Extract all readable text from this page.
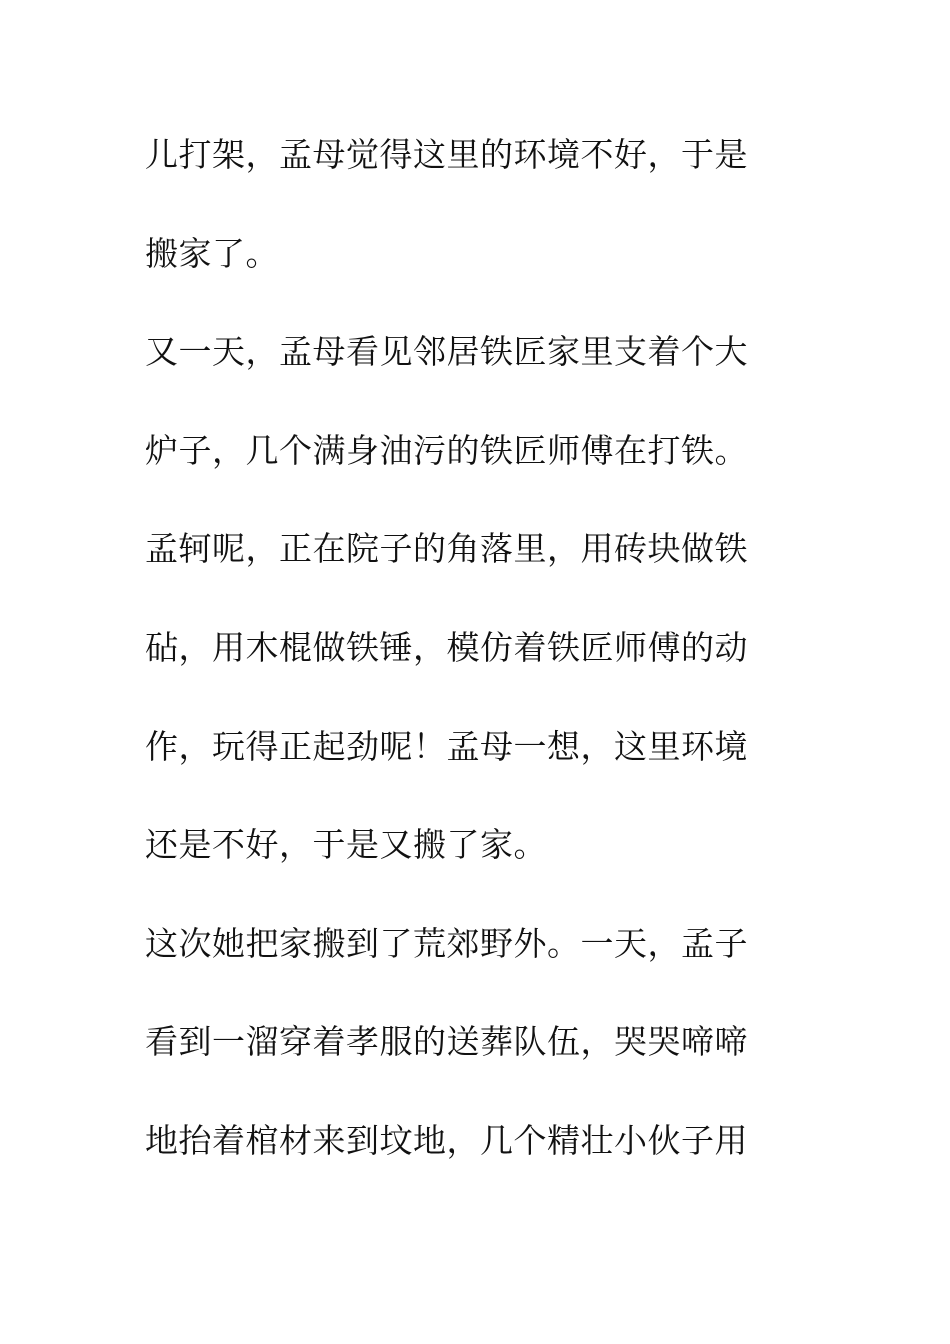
儿打架，孟母觉得这里的环境不好，于是
搬家了。
又一天，孟母看见邻居铁匠家里支着个大
炉子，几个满身油污的铁匠师傅在打铁。
孟轲呢，正在院子的角落里，用砖块做铁
砧，用木棍做铁锤，模仿着铁匠师傅的动
作，玩得正起劲呢！孟母一想，这里环境
还是不好，于是又搬了家。
这次她把家搬到了荒郊野外。一天，孟子
看到一溜穿着孝服的送葬队伍，哭哭啼啼
地抬着棺材来到坟地，几个精壮小伙子用
